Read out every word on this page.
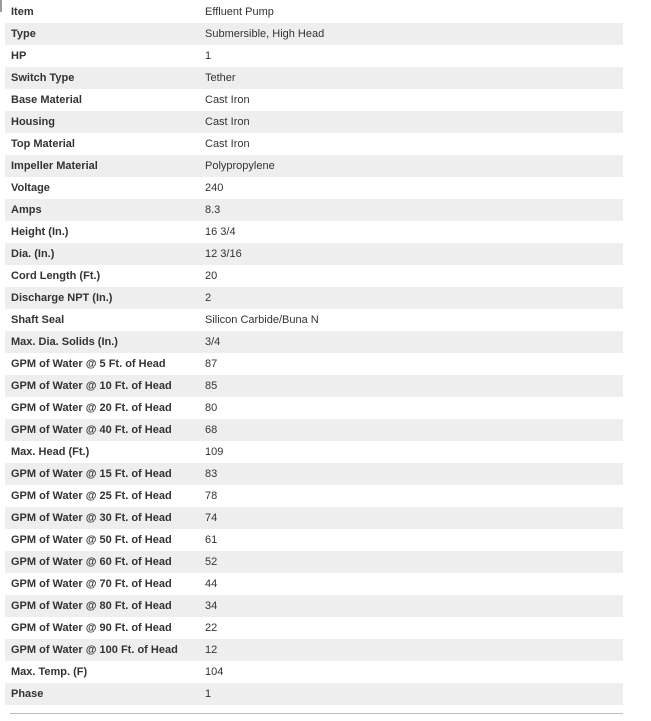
Item	Effluent Pump
Type	Submersible, High Head
HP	1
Switch Type	Tether
Base Material	Cast Iron
Housing	Cast Iron
Top Material	Cast Iron
Impeller Material	Polypropylene
Voltage	240
Amps	8.3
Height (In.)	16 3/4
Dia. (In.)	12 3/16
Cord Length (Ft.)	20
Discharge NPT (In.)	2
Shaft Seal	Silicon Carbide/Buna N
Max. Dia. Solids (In.)	3/4
GPM of Water @ 5 Ft. of Head	87
GPM of Water @ 10 Ft. of Head	85
GPM of Water @ 20 Ft. of Head	80
GPM of Water @ 40 Ft. of Head	68
Max. Head (Ft.)	109
GPM of Water @ 15 Ft. of Head	83
GPM of Water @ 25 Ft. of Head	78
GPM of Water @ 30 Ft. of Head	74
GPM of Water @ 50 Ft. of Head	61
GPM of Water @ 60 Ft. of Head	52
GPM of Water @ 70 Ft. of Head	44
GPM of Water @ 80 Ft. of Head	34
GPM of Water @ 90 Ft. of Head	22
GPM of Water @ 100 Ft. of Head	12
Max. Temp. (F)	104
Phase	1
